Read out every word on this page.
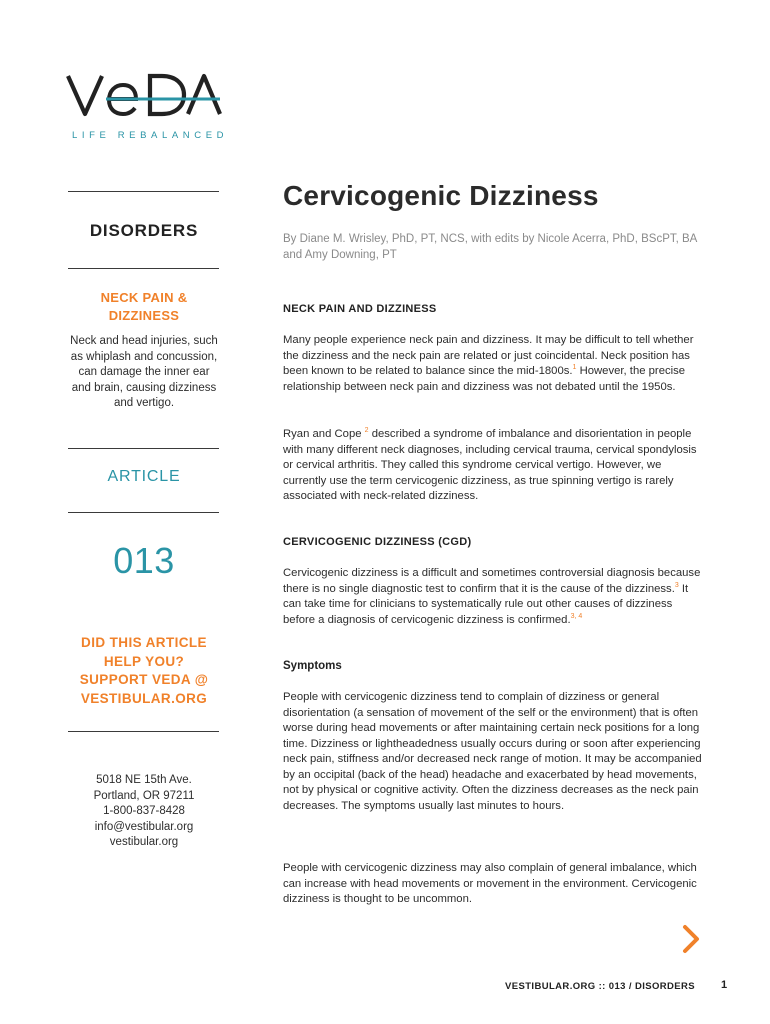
LIFE REBALANCED
DISORDERS
NECK PAIN & DIZZINESS
Neck and head injuries, such as whiplash and concussion, can damage the inner ear and brain, causing dizziness and vertigo.
ARTICLE
013
DID THIS ARTICLE HELP YOU? SUPPORT VEDA @ VESTIBULAR.ORG
5018 NE 15th Ave.
Portland, OR 97211
1-800-837-8428
info@vestibular.org
vestibular.org
Cervicogenic Dizziness
By Diane M. Wrisley, PhD, PT, NCS, with edits by Nicole Acerra, PhD, BScPT, BA and Amy Downing, PT
NECK PAIN AND DIZZINESS
Many people experience neck pain and dizziness. It may be difficult to tell whether the dizziness and the neck pain are related or just coincidental. Neck position has been known to be related to balance since the mid-1800s.$^1$ However, the precise relationship between neck pain and dizziness was not debated until the 1950s.
Ryan and Cope $^2$ described a syndrome of imbalance and disorientation in people with many different neck diagnoses, including cervical trauma, cervical spondylosis or cervical arthritis. They called this syndrome cervical vertigo. However, we currently use the term cervicogenic dizziness, as true spinning vertigo is rarely associated with neck-related dizziness.
CERVICOGENIC DIZZINESS (CGD)
Cervicogenic dizziness is a difficult and sometimes controversial diagnosis because there is no single diagnostic test to confirm that it is the cause of the dizziness.$^3$ It can take time for clinicians to systematically rule out other causes of dizziness before a diagnosis of cervicogenic dizziness is confirmed.$^{3, 4}$
Symptoms
People with cervicogenic dizziness tend to complain of dizziness or general disorientation (a sensation of movement of the self or the environment) that is often worse during head movements or after maintaining certain neck positions for a long time. Dizziness or lightheadedness usually occurs during or soon after experiencing neck pain, stiffness and/or decreased neck range of motion. It may be accompanied by an occipital (back of the head) headache and exacerbated by head movements, not by physical or cognitive activity. Often the dizziness decreases as the neck pain decreases. The symptoms usually last minutes to hours.
People with cervicogenic dizziness may also complain of general imbalance, which can increase with head movements or movement in the environment. Cervicogenic dizziness is thought to be uncommon.
VESTIBULAR.ORG :: 013 / DISORDERS 1
